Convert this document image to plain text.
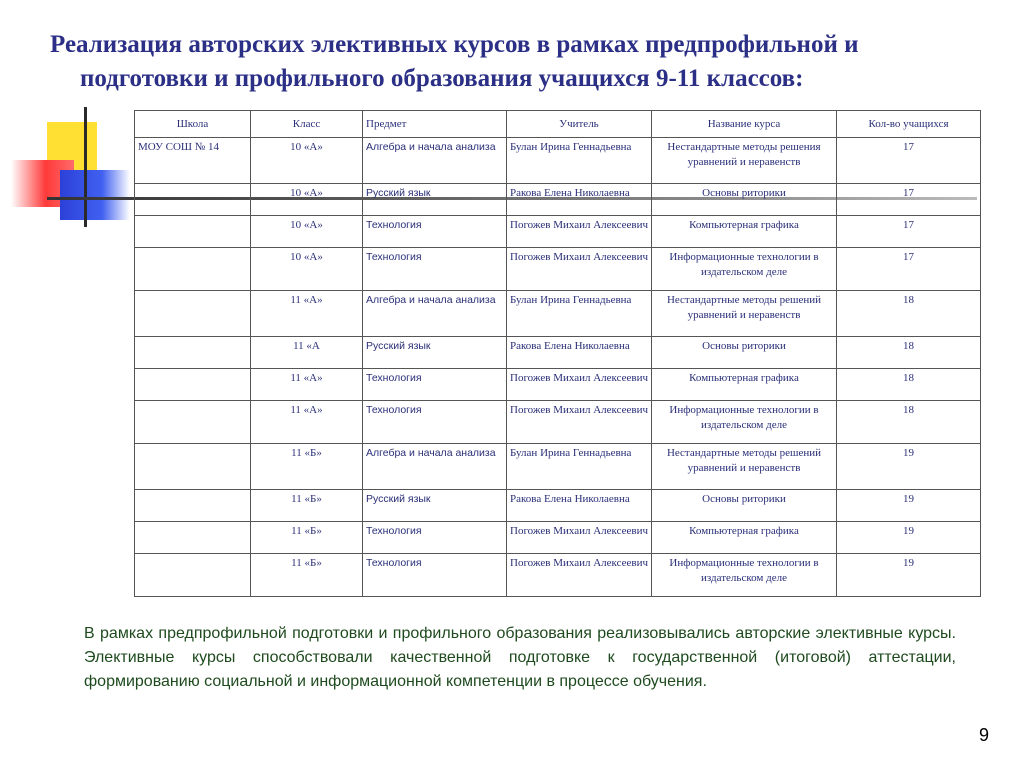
Реализация авторских элективных курсов в рамках предпрофильной и
подготовки и профильного образования учащихся 9-11 классов:
Школа	Класс	Предмет	Учитель	Название курса	Кол-во учащихся
МОУ СОШ № 14	10 «А»	Алгебра и начала анализа	Булан Ирина Геннадьевна	Нестандартные методы решения уравнений и неравенств	17
	10 «А»	Русский язык	Ракова Елена Николаевна	Основы риторики	17
	10 «А»	Технология	Погожев Михаил Алексеевич	Компьютерная графика	17
	10 «А»	Технология	Погожев Михаил Алексеевич	Информационные технологии в издательском деле	17
	11 «А»	Алгебра и начала анализа	Булан Ирина Геннадьевна	Нестандартные методы решений уравнений и неравенств	18
	11 «А	Русский язык	Ракова Елена Николаевна	Основы риторики	18
	11 «А»	Технология	Погожев Михаил Алексеевич	Компьютерная графика	18
	11 «А»	Технология	Погожев Михаил Алексеевич	Информационные технологии в издательском деле	18
	11 «Б»	Алгебра и начала анализа	Булан Ирина Геннадьевна	Нестандартные методы решений уравнений и неравенств	19
	11 «Б»	Русский язык	Ракова Елена Николаевна	Основы риторики	19
	11 «Б»	Технология	Погожев Михаил Алексеевич	Компьютерная графика	19
	11 «Б»	Технология	Погожев Михаил Алексеевич	Информационные технологии в издательском деле	19

В рамках предпрофильной подготовки и профильного образования реализовывались авторские элективные курсы. Элективные курсы способствовали качественной подготовке к государственной (итоговой) аттестации, формированию социальной и информационной компетенции в процессе обучения.

9
